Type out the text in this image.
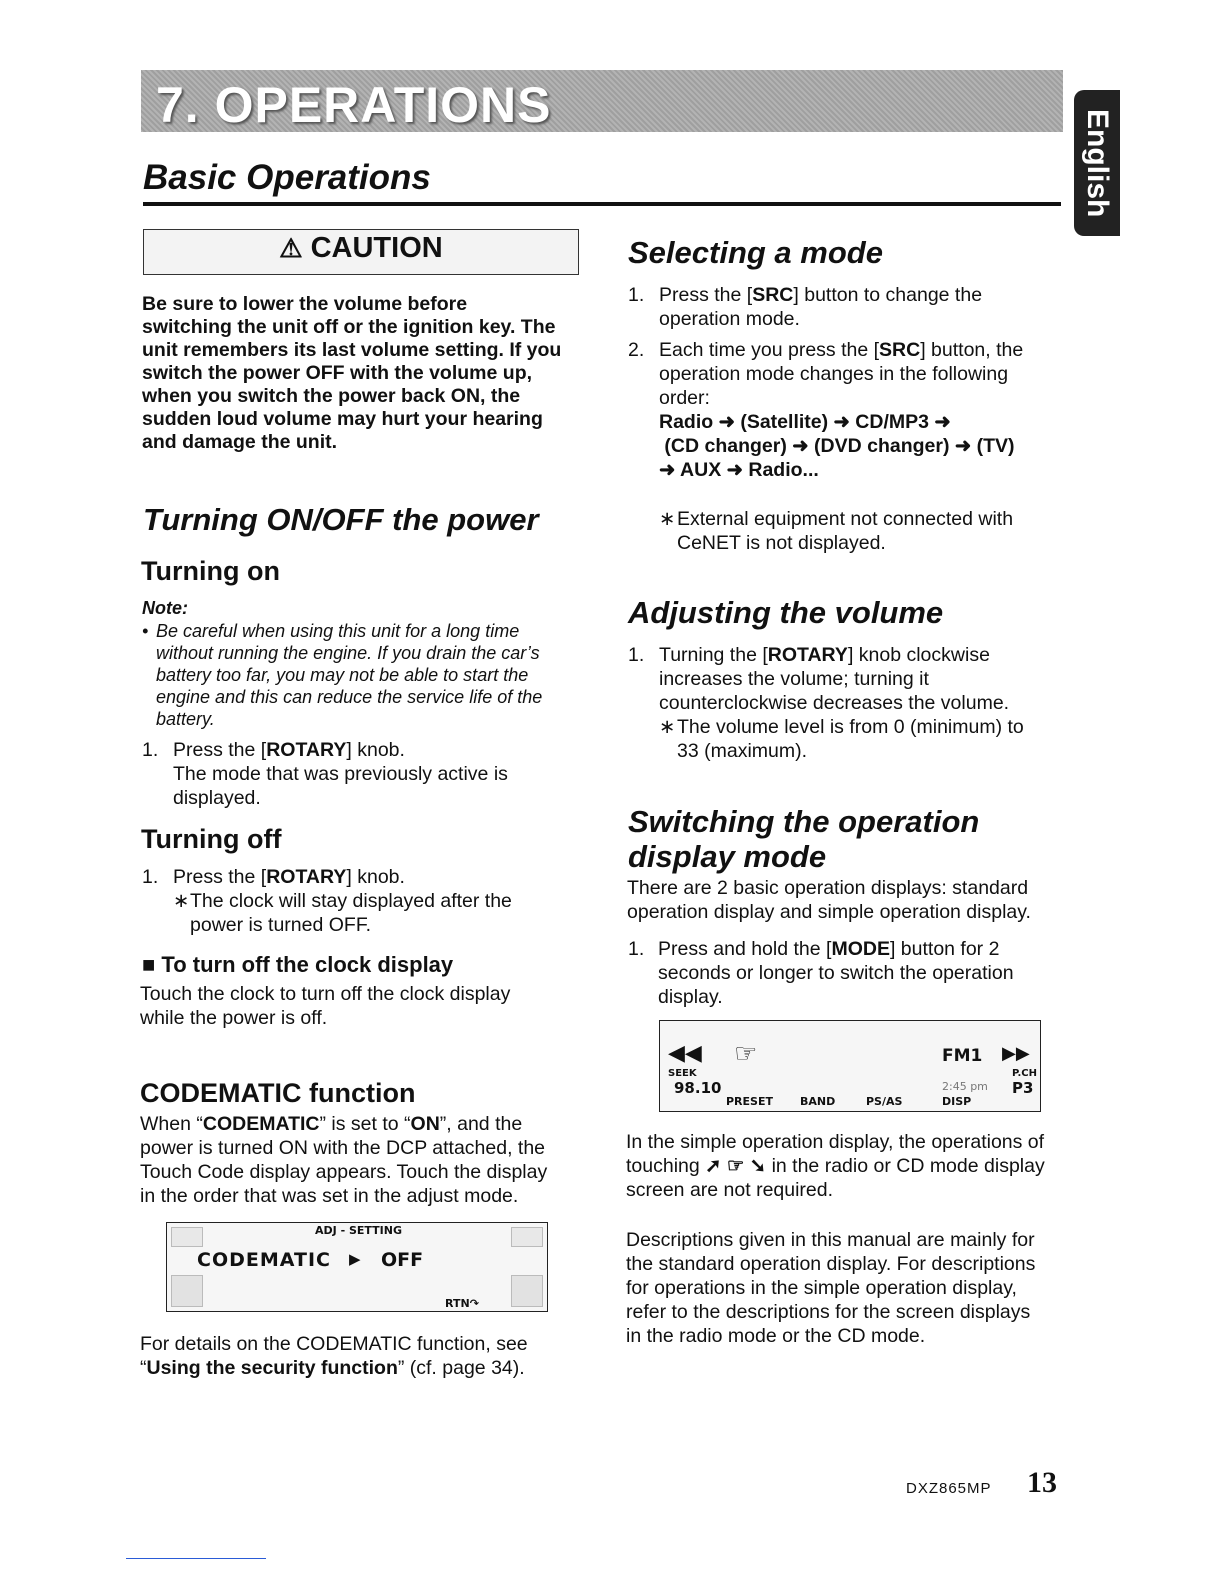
7. OPERATIONS
English
Basic Operations
⚠ CAUTION
Be sure to lower the volume before
switching the unit off or the ignition key. The
unit remembers its last volume setting. If you
switch the power OFF with the volume up,
when you switch the power back ON, the
sudden loud volume may hurt your hearing
and damage the unit.
Turning ON/OFF the power
Turning on
Note:
• Be careful when using this unit for a long time
without running the engine. If you drain the car’s
battery too far, you may not be able to start the
engine and this can reduce the service life of the
battery.
1. Press the [ROTARY] knob.
The mode that was previously active is
displayed.
Turning off
1. Press the [ROTARY] knob.
∗ The clock will stay displayed after the
power is turned OFF.
■ To turn off the clock display
Touch the clock to turn off the clock display
while the power is off.
CODEMATIC function
When “CODEMATIC” is set to “ON”, and the
power is turned ON with the DCP attached, the
Touch Code display appears. Touch the display
in the order that was set in the adjust mode.
ADJ - SETTING
CODEMATIC ▶ OFF
RTN↷
For details on the CODEMATIC function, see
“Using the security function” (cf. page 34).
Selecting a mode
1. Press the [SRC] button to change the
operation mode.
2. Each time you press the [SRC] button, the
operation mode changes in the following
order:
Radio ➜ (Satellite) ➜ CD/MP3 ➜
(CD changer) ➜ (DVD changer) ➜ (TV)
➜ AUX ➜ Radio...
∗ External equipment not connected with
CeNET is not displayed.
Adjusting the volume
1. Turning the [ROTARY] knob clockwise
increases the volume; turning it
counterclockwise decreases the volume.
∗ The volume level is from 0 (minimum) to
33 (maximum).
Switching the operation
display mode
There are 2 basic operation displays: standard
operation display and simple operation display.
1. Press and hold the [MODE] button for 2
seconds or longer to switch the operation
display.
◀◀ ☞	FM1 ▶▶
SEEK
98.10
P.CH
2:45 pm P3
PRESET BAND	PS/AS	DISP
In the simple operation display, the operations of
touching ➚ ☞ ➘ in the radio or CD mode display
screen are not required.
Descriptions given in this manual are mainly for
the standard operation display. For descriptions
for operations in the simple operation display,
refer to the descriptions for the screen displays
in the radio mode or the CD mode.
DXZ865MP 13
